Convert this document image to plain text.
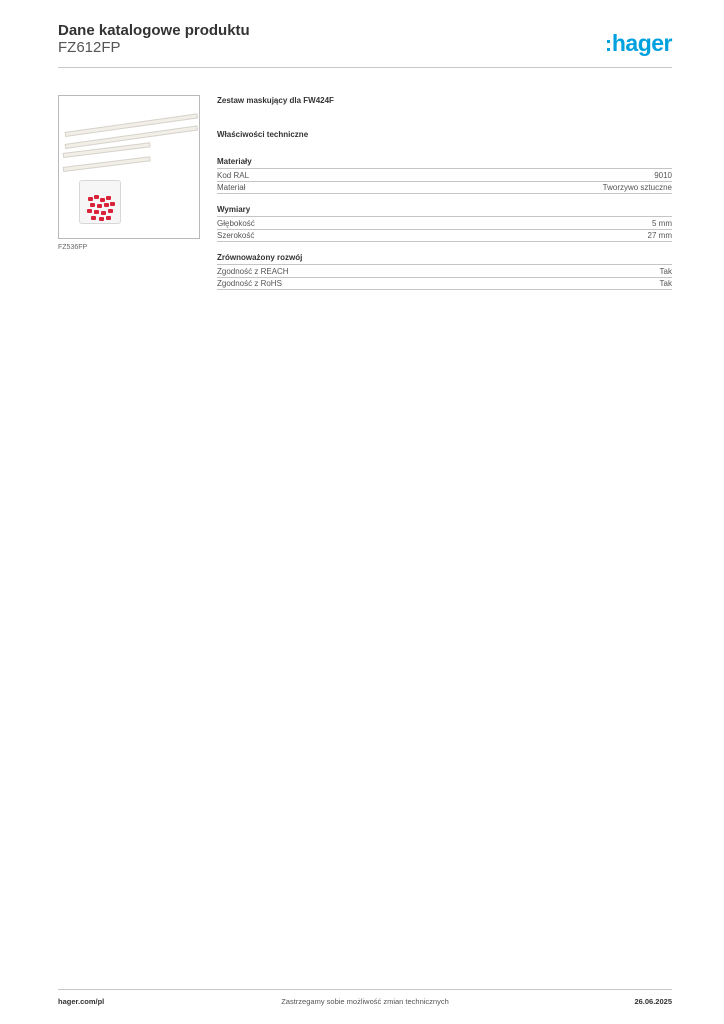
Dane katalogowe produktu
FZ612FP	hager
FZ536FP
Zestaw maskujący dla FW424F
Właściwości techniczne
Materiały
Kod RAL	9010
Materiał	Tworzywo sztuczne
Wymiary
Głębokość	5 mm
Szerokość	27 mm
Zrównoważony rozwój
Zgodność z REACH	Tak
Zgodność z RoHS	Tak
Zastrzegamy sobie możliwość zmian technicznych
hager.com/pl	26.06.2025
